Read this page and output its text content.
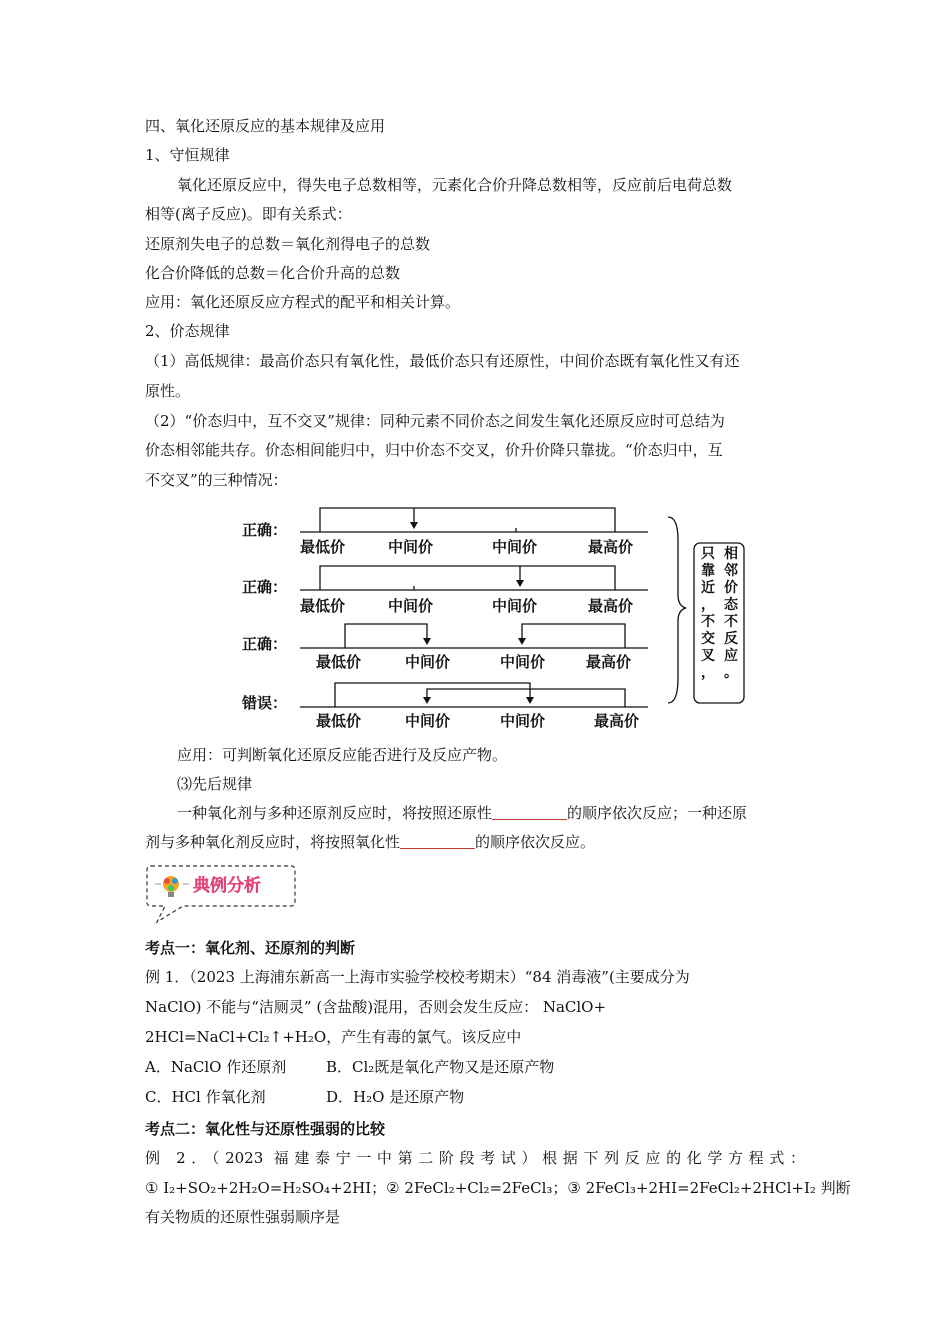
四、氧化还原反应的基本规律及应用
1、守恒规律
氧化还原反应中，得失电子总数相等，元素化合价升降总数相等，反应前后电荷总数
相等(离子反应)。即有关系式：
还原剂失电子的总数＝氧化剂得电子的总数
化合价降低的总数＝化合价升高的总数
应用：氧化还原反应方程式的配平和相关计算。
2、价态规律
（1）高低规律：最高价态只有氧化性，最低价态只有还原性，中间价态既有氧化性又有还
原性。
（2）“价态归中，互不交叉”规律：同种元素不同价态之间发生氧化还原反应时可总结为
价态相邻能共存。价态相间能归中，归中价态不交叉，价升价降只靠拢。“价态归中，互
不交叉”的三种情况：
正确：
最低价	中间价	中间价	最高价
正确：
最低价	中间价	中间价	最高价
正确：
最低价	中间价	中间价	最高价
错误：
最低价	中间价	中间价	最高价
相邻价态不反应。
只靠近，不交叉，
应用：可判断氧化还原反应能否进行及反应产物。
⑶先后规律
一种氧化剂与多种还原剂反应时，将按照还原性	的顺序依次反应；一种还原
剂与多种氧化剂反应时，将按照氧化性	的顺序依次反应。
典例分析
考点一：氧化剂、还原剂的判断
例 1．（2023 上海浦东新高一上海市实验学校校考期末）“84 消毒液”(主要成分为
NaClO) 不能与“洁厕灵” (含盐酸)混用，否则会发生反应： NaClO+
2HCl=NaCl+Cl₂↑+H₂O，产生有毒的氯气。该反应中
A．NaClO 作还原剂	B．Cl₂既是氧化产物又是还原产物
C．HCl 作氧化剂	D．H₂O 是还原产物
考点二：氧化性与还原性强弱的比较
例 2．（2023 福建泰宁一中第二阶段考试）根据下列反应的化学方程式：
① I₂+SO₂+2H₂O=H₂SO₄+2HI；② 2FeCl₂+Cl₂=2FeCl₃；③ 2FeCl₃+2HI=2FeCl₂+2HCl+I₂ 判断
有关物质的还原性强弱顺序是
